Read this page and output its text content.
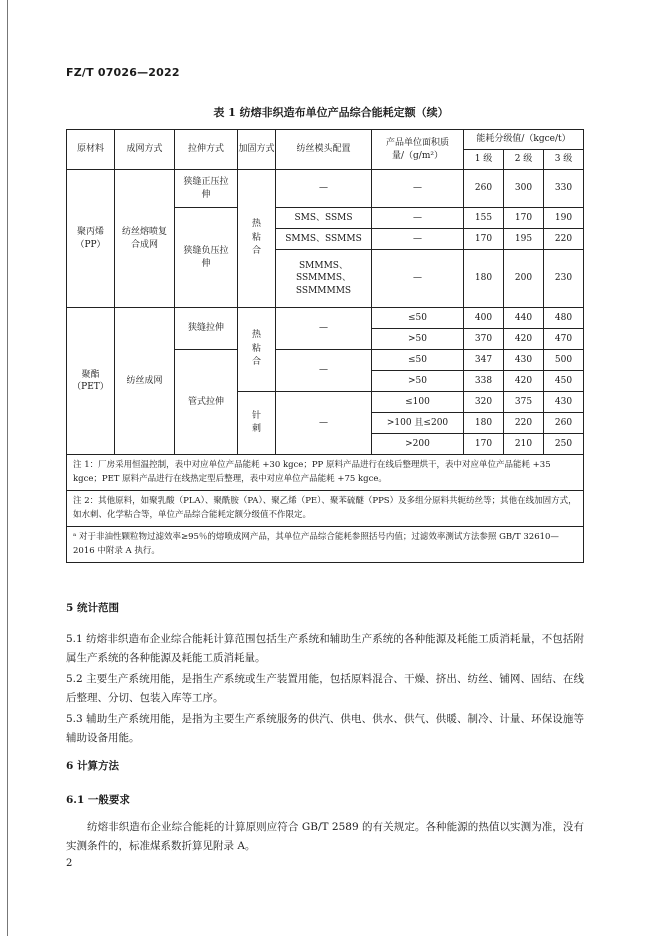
FZ/T 07026—2022
表 1 纺熔非织造布单位产品综合能耗定额（续）
原材料	成网方式	拉伸方式	加固方式	纺丝模头配置	产品单位面积质量/（g/m²）	能耗分级值/（kgce/t）		
						1 级	2 级	3 级
聚丙烯（PP）	纺丝熔喷复合成网	狭缝正压拉伸	热粘合	—	—	260	300	330
		狭缝负压拉伸		SMS、SSMS	—	155	170	190
				SMMS、SSMMS	—	170	195	220
				SMMMS、SSMMMS、SSMMMMS	—	180	200	230
聚酯（PET）	纺丝成网	狭缝拉伸	热粘合	—	≤50	400	440	480
					>50	370	420	470
		管式拉伸		—	≤50	347	430	500
					>50	338	420	450
			针刺	—	≤100	320	375	430
					>100 且≤200	180	220	260
					>200	170	210	250
注 1：厂房采用恒温控制，表中对应单位产品能耗 +30 kgce；PP 原料产品进行在线后整理烘干，表中对应单位产品能耗 +35 kgce；PET 原料产品进行在线热定型后整理，表中对应单位产品能耗 +75 kgce。								
注 2：其他原料，如聚乳酸（PLA）、聚酰胺（PA）、聚乙烯（PE）、聚苯硫醚（PPS）及多组分原料共轭纺丝等；其他在线加固方式，如水刺、化学粘合等，单位产品综合能耗定额分级值不作限定。								
ᵃ 对于非油性颗粒物过滤效率≥95％的熔喷成网产品，其单位产品综合能耗参照括号内值；过滤效率测试方法参照 GB/T 32610—2016 中附录 A 执行。								
5 统计范围
5.1 纺熔非织造布企业综合能耗计算范围包括生产系统和辅助生产系统的各种能源及耗能工质消耗量，不包括附属生产系统的各种能源及耗能工质消耗量。
5.2 主要生产系统用能，是指生产系统或生产装置用能，包括原料混合、干燥、挤出、纺丝、铺网、固结、在线后整理、分切、包装入库等工序。
5.3 辅助生产系统用能，是指为主要生产系统服务的供汽、供电、供水、供气、供暖、制冷、计量、环保设施等辅助设备用能。
6 计算方法
6.1 一般要求
纺熔非织造布企业综合能耗的计算原则应符合 GB/T 2589 的有关规定。各种能源的热值以实测为准，没有实测条件的，标准煤系数折算见附录 A。
2
